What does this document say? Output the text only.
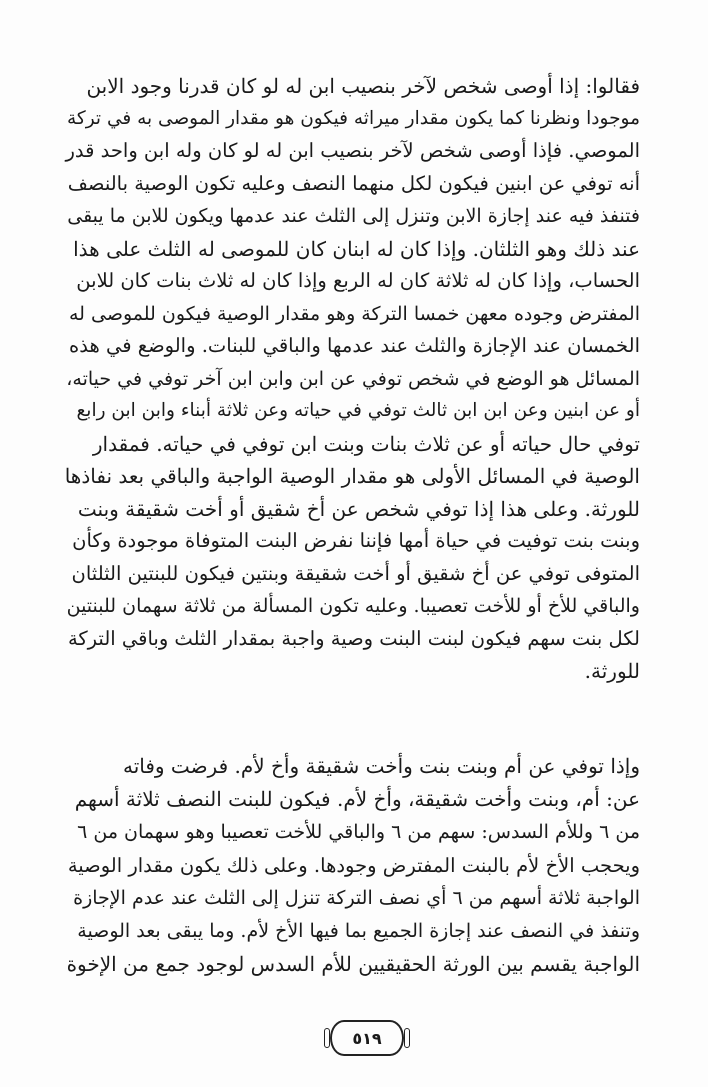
فقالوا: إذا أوصى شخص لآخر بنصيب ابن له لو كان قدرنا وجود الابن
موجودا ونظرنا كما يكون مقدار ميراثه فيكون هو مقدار الموصى به في تركة
الموصي. فإذا أوصى شخص لآخر بنصيب ابن له لو كان وله ابن واحد قدر
أنه توفي عن ابنين فيكون لكل منهما النصف وعليه تكون الوصية بالنصف
فتنفذ فيه عند إجازة الابن وتنزل إلى الثلث عند عدمها ويكون للابن ما يبقى
عند ذلك وهو الثلثان. وإذا كان له ابنان كان للموصى له الثلث على هذا
الحساب، وإذا كان له ثلاثة كان له الربع وإذا كان له ثلاث بنات كان للابن
المفترض وجوده معهن خمسا التركة وهو مقدار الوصية فيكون للموصى له
الخمسان عند الإجازة والثلث عند عدمها والباقي للبنات. والوضع في هذه
المسائل هو الوضع في شخص توفي عن ابن وابن ابن آخر توفي في حياته،
أو عن ابنين وعن ابن ابن ثالث توفي في حياته وعن ثلاثة أبناء وابن ابن رابع
توفي حال حياته أو عن ثلاث بنات وبنت ابن توفي في حياته. فمقدار
الوصية في المسائل الأولى هو مقدار الوصية الواجبة والباقي بعد نفاذها
للورثة. وعلى هذا إذا توفي شخص عن أخ شقيق أو أخت شقيقة وبنت
وبنت بنت توفيت في حياة أمها فإننا نفرض البنت المتوفاة موجودة وكأن
المتوفى توفي عن أخ شقيق أو أخت شقيقة وبنتين فيكون للبنتين الثلثان
والباقي للأخ أو للأخت تعصيبا. وعليه تكون المسألة من ثلاثة سهمان للبنتين
لكل بنت سهم فيكون لبنت البنت وصية واجبة بمقدار الثلث وباقي التركة
للورثة.
وإذا توفي عن أم وبنت بنت وأخت شقيقة وأخ لأم. فرضت وفاته
عن: أم، وبنت وأخت شقيقة، وأخ لأم. فيكون للبنت النصف ثلاثة أسهم
من ٦ وللأم السدس: سهم من ٦ والباقي للأخت تعصيبا وهو سهمان من ٦
ويحجب الأخ لأم بالبنت المفترض وجودها. وعلى ذلك يكون مقدار الوصية
الواجبة ثلاثة أسهم من ٦ أي نصف التركة تنزل إلى الثلث عند عدم الإجازة
وتنفذ في النصف عند إجازة الجميع بما فيها الأخ لأم. وما يبقى بعد الوصية
الواجبة يقسم بين الورثة الحقيقيين للأم السدس لوجود جمع من الإخوة
٥١٩
